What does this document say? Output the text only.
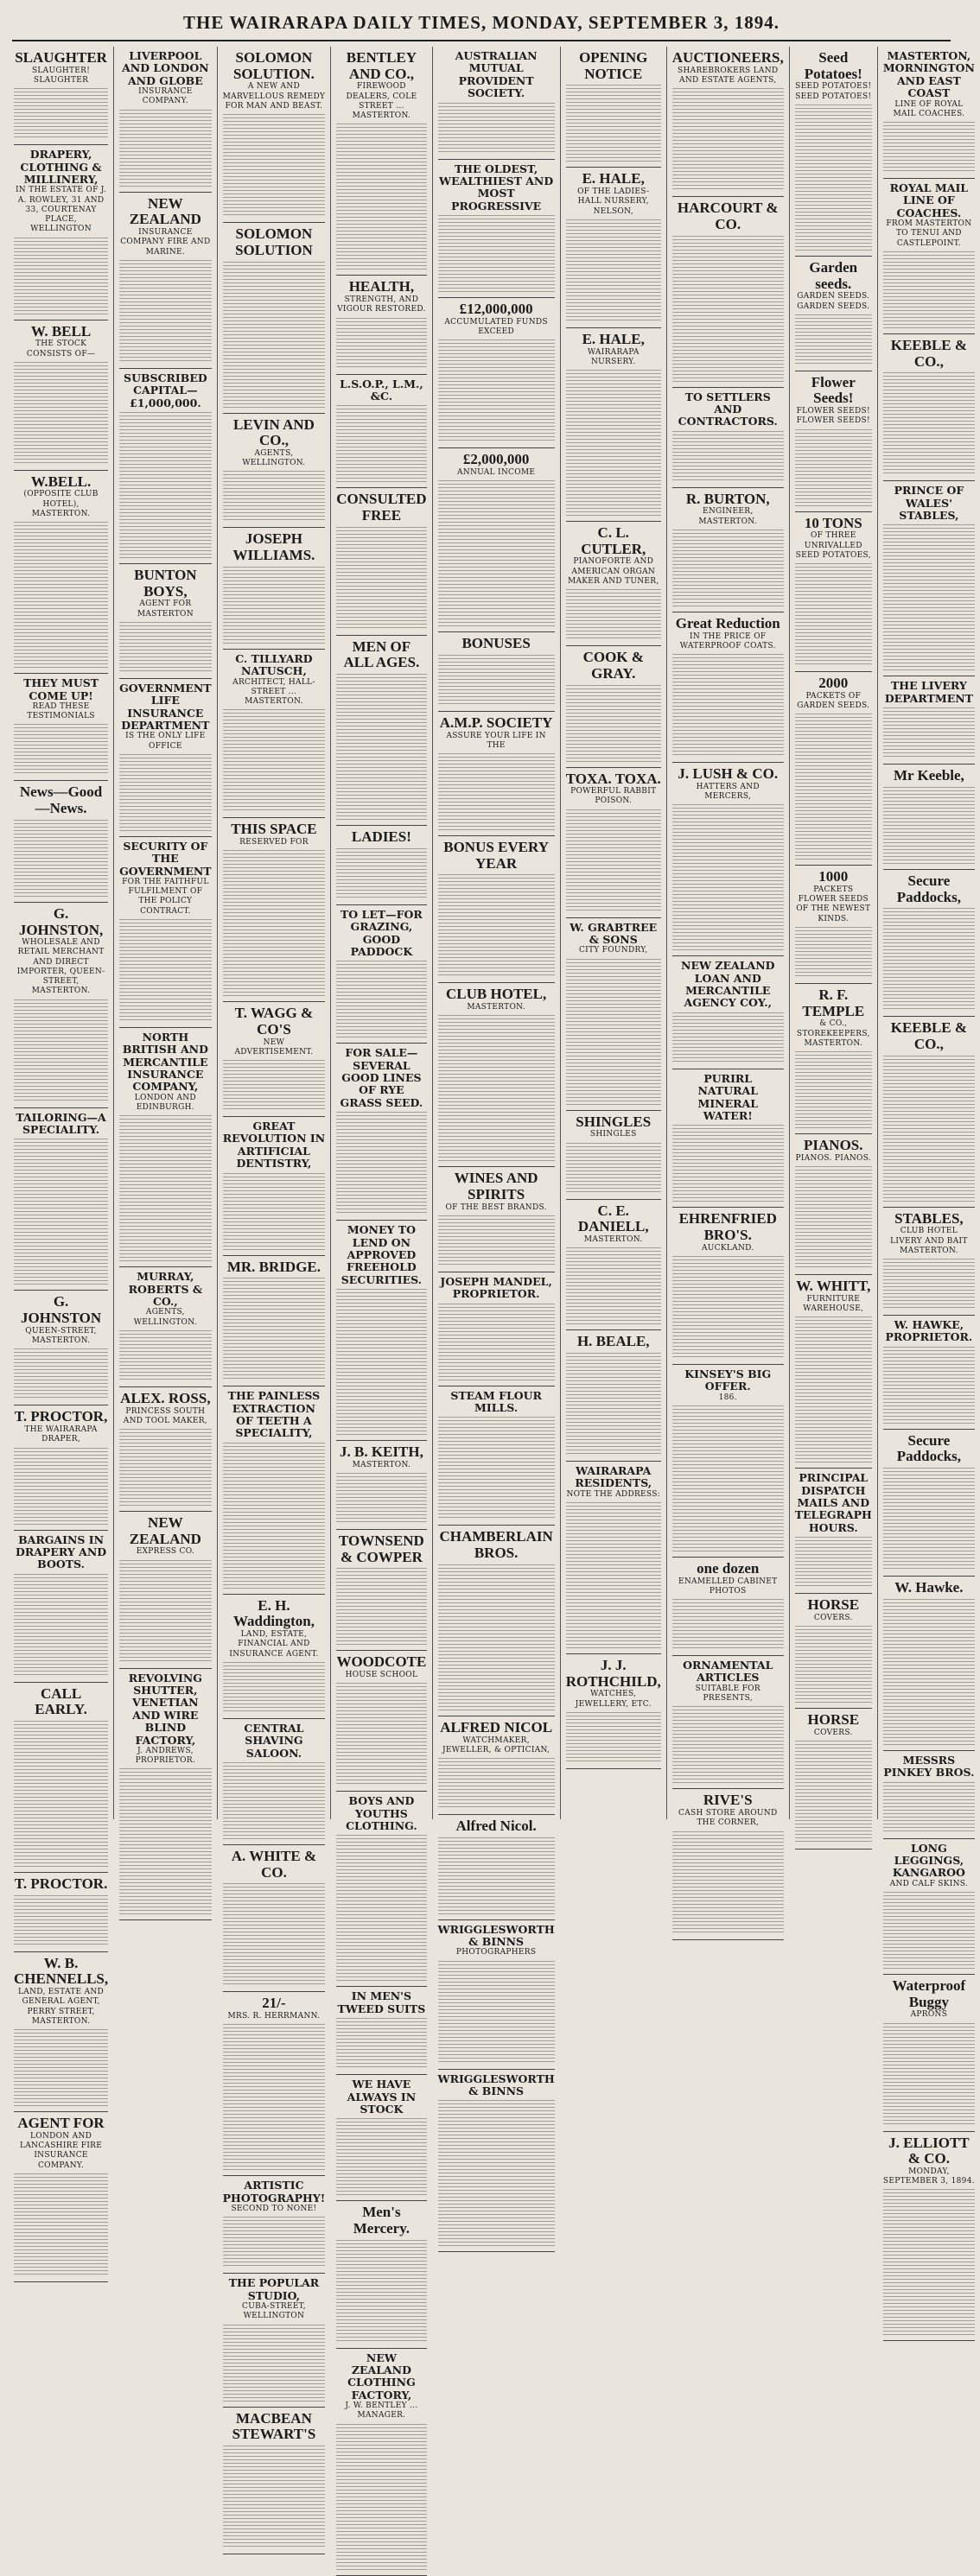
THE WAIRARAPA DAILY TIMES, MONDAY, SEPTEMBER 3, 1894.
SLAUGHTER
SLAUGHTER! SLAUGHTER
DRAPERY, CLOTHING & MILLINERY,
IN THE ESTATE OF J. A. ROWLEY, 31 AND 33, COURTENAY PLACE, WELLINGTON
W. BELL
THE STOCK CONSISTS OF—
W.BELL.
(OPPOSITE CLUB HOTEL), MASTERTON.
THEY MUST COME UP!
READ THESE TESTIMONIALS
News—Good—News.
G. JOHNSTON,
WHOLESALE AND RETAIL MERCHANT AND DIRECT IMPORTER, QUEEN-STREET, MASTERTON.
TAILORING—A SPECIALITY.
G. JOHNSTON
QUEEN-STREET, MASTERTON.
T. PROCTOR,
THE WAIRARAPA DRAPER,
BARGAINS IN DRAPERY AND BOOTS.
CALL EARLY.
T. PROCTOR.
W. B. CHENNELLS,
LAND, ESTATE AND GENERAL AGENT, PERRY STREET, MASTERTON.
AGENT FOR
LONDON AND LANCASHIRE FIRE INSURANCE COMPANY.
LIVERPOOL AND LONDON AND GLOBE
INSURANCE COMPANY.
NEW ZEALAND
INSURANCE COMPANY FIRE AND MARINE.
SUBSCRIBED CAPITAL—£1,000,000.
BUNTON BOYS,
AGENT FOR MASTERTON
GOVERNMENT LIFE INSURANCE DEPARTMENT
IS THE ONLY LIFE OFFICE
SECURITY OF THE GOVERNMENT
FOR THE FAITHFUL FULFILMENT OF THE POLICY CONTRACT.
NORTH BRITISH AND MERCANTILE INSURANCE COMPANY,
LONDON AND EDINBURGH.
MURRAY, ROBERTS & CO.,
AGENTS, WELLINGTON.
ALEX. ROSS,
PRINCESS SOUTH AND TOOL MAKER,
NEW ZEALAND
EXPRESS CO.
REVOLVING SHUTTER, VENETIAN AND WIRE BLIND FACTORY,
J. ANDREWS, PROPRIETOR.
SOLOMON SOLUTION.
A NEW AND MARVELLOUS REMEDY FOR MAN AND BEAST.
SOLOMON SOLUTION
LEVIN AND CO.,
AGENTS, WELLINGTON.
JOSEPH WILLIAMS.
C. TILLYARD NATUSCH,
ARCHITECT, HALL-STREET ... MASTERTON.
THIS SPACE
RESERVED FOR
T. WAGG & CO'S
NEW ADVERTISEMENT.
GREAT REVOLUTION IN ARTIFICIAL DENTISTRY,
MR. BRIDGE.
THE PAINLESS EXTRACTION OF TEETH A SPECIALITY,
E. H. Waddington,
LAND, ESTATE, FINANCIAL AND INSURANCE AGENT.
CENTRAL SHAVING SALOON.
A. WHITE & CO.
21/-
MRS. R. HERRMANN.
ARTISTIC PHOTOGRAPHY!
SECOND TO NONE!
THE POPULAR STUDIO,
CUBA-STREET, WELLINGTON
MACBEAN STEWART'S
BENTLEY AND CO.,
FIREWOOD DEALERS, COLE STREET ... MASTERTON.
HEALTH,
STRENGTH, AND VIGOUR RESTORED.
L.S.O.P., L.M., &C.
CONSULTED FREE
MEN OF ALL AGES.
LADIES!
TO LET—FOR GRAZING, GOOD PADDOCK
FOR SALE—SEVERAL GOOD LINES OF RYE GRASS SEED.
MONEY TO LEND ON APPROVED FREEHOLD SECURITIES.
J. B. KEITH,
MASTERTON.
TOWNSEND & COWPER
WOODCOTE
HOUSE SCHOOL
BOYS AND YOUTHS CLOTHING.
IN MEN'S TWEED SUITS
WE HAVE ALWAYS IN STOCK
Men's Mercery.
NEW ZEALAND CLOTHING FACTORY,
J. W. BENTLEY ... MANAGER.
AUSTRALIAN MUTUAL PROVIDENT SOCIETY.
THE OLDEST, WEALTHIEST AND MOST PROGRESSIVE
£12,000,000
ACCUMULATED FUNDS EXCEED
£2,000,000
ANNUAL INCOME
BONUSES
A.M.P. SOCIETY
ASSURE YOUR LIFE IN THE
BONUS EVERY YEAR
CLUB HOTEL,
MASTERTON.
WINES AND SPIRITS
OF THE BEST BRANDS.
JOSEPH MANDEL, PROPRIETOR.
STEAM FLOUR MILLS.
CHAMBERLAIN BROS.
ALFRED NICOL
WATCHMAKER, JEWELLER, & OPTICIAN,
Alfred Nicol.
WRIGGLESWORTH & BINNS
PHOTOGRAPHERS
WRIGGLESWORTH & BINNS
OPENING NOTICE
E. HALE,
OF THE LADIES-HALL NURSERY, NELSON,
E. HALE,
WAIRARAPA NURSERY.
C. L. CUTLER,
PIANOFORTE AND AMERICAN ORGAN MAKER AND TUNER,
COOK & GRAY.
TOXA. TOXA.
POWERFUL RABBIT POISON.
W. GRABTREE & SONS
CITY FOUNDRY,
SHINGLES
SHINGLES
C. E. DANIELL,
MASTERTON.
H. BEALE,
WAIRARAPA RESIDENTS,
NOTE THE ADDRESS:
J. J. ROTHCHILD,
WATCHES, JEWELLERY, ETC.
AUCTIONEERS,
SHAREBROKERS LAND AND ESTATE AGENTS,
HARCOURT & CO.
TO SETTLERS AND CONTRACTORS.
R. BURTON,
ENGINEER, MASTERTON.
Great Reduction
IN THE PRICE OF WATERPROOF COATS.
J. LUSH & CO.
HATTERS AND MERCERS,
NEW ZEALAND LOAN AND MERCANTILE AGENCY COY.,
PURIRL NATURAL MINERAL WATER!
EHRENFRIED BRO'S.
AUCKLAND.
KINSEY'S BIG OFFER.
186.
one dozen
ENAMELLED CABINET PHOTOS
ORNAMENTAL ARTICLES
SUITABLE FOR PRESENTS,
RIVE'S
CASH STORE AROUND THE CORNER,
Seed Potatoes!
SEED POTATOES! SEED POTATOES!
Garden seeds.
GARDEN SEEDS. GARDEN SEEDS.
Flower Seeds!
FLOWER SEEDS! FLOWER SEEDS!
10 TONS
OF THREE UNRIVALLED SEED POTATOES,
2000
PACKETS OF GARDEN SEEDS.
1000
PACKETS FLOWER SEEDS OF THE NEWEST KINDS.
R. F. TEMPLE
& CO., STOREKEEPERS, MASTERTON.
PIANOS.
PIANOS. PIANOS.
W. WHITT,
FURNITURE WAREHOUSE,
PRINCIPAL DISPATCH MAILS AND TELEGRAPH HOURS.
HORSE
COVERS.
HORSE
COVERS.
MASTERTON, MORNINGTON AND EAST COAST
LINE OF ROYAL MAIL COACHES.
ROYAL MAIL LINE OF COACHES.
FROM MASTERTON TO TENUI AND CASTLEPOINT.
KEEBLE & CO.,
PRINCE OF WALES' STABLES,
THE LIVERY DEPARTMENT
Mr Keeble,
Secure Paddocks,
KEEBLE & CO.,
STABLES,
CLUB HOTEL LIVERY AND BAIT MASTERTON.
W. HAWKE, PROPRIETOR.
Secure Paddocks,
W. Hawke.
MESSRS PINKEY BROS.
LONG LEGGINGS, KANGAROO
AND CALF SKINS.
Waterproof Buggy
APRONS
J. ELLIOTT & CO.
MONDAY, SEPTEMBER 3, 1894.
